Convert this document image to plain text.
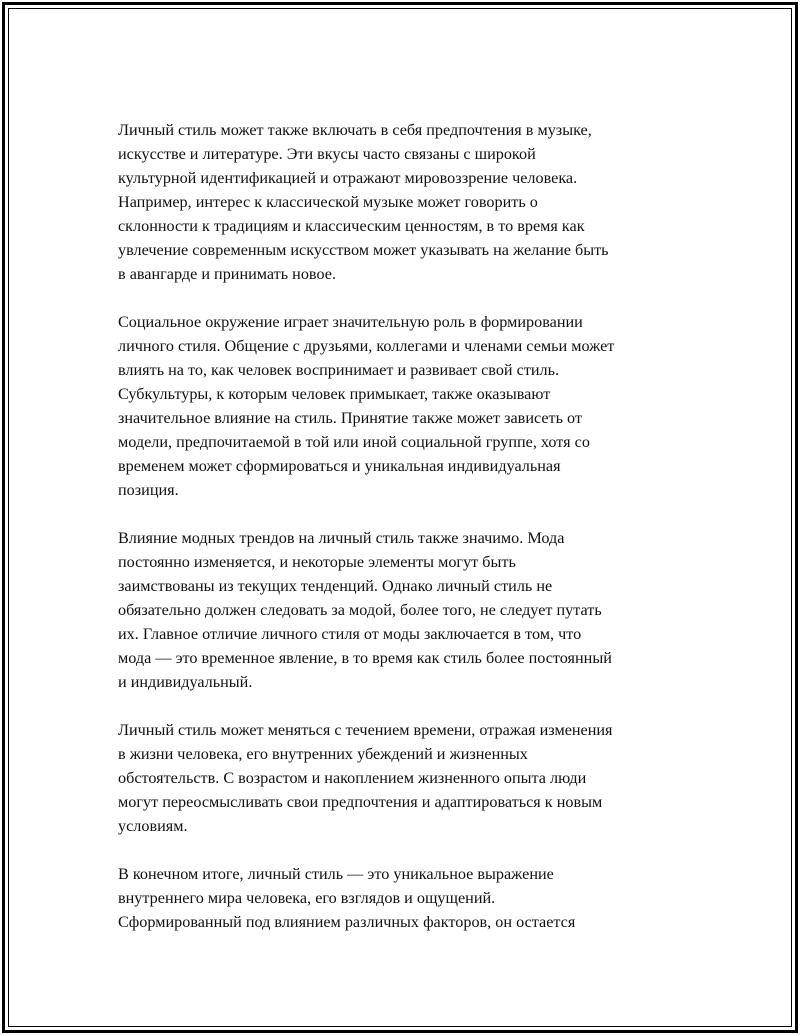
Личный стиль может также включать в себя предпочтения в музыке,
искусстве и литературе. Эти вкусы часто связаны с широкой
культурной идентификацией и отражают мировоззрение человека.
Например, интерес к классической музыке может говорить о
склонности к традициям и классическим ценностям, в то время как
увлечение современным искусством может указывать на желание быть
в авангарде и принимать новое.

Социальное окружение играет значительную роль в формировании
личного стиля. Общение с друзьями, коллегами и членами семьи может
влиять на то, как человек воспринимает и развивает свой стиль.
Субкультуры, к которым человек примыкает, также оказывают
значительное влияние на стиль. Принятие также может зависеть от
модели, предпочитаемой в той или иной социальной группе, хотя со
временем может сформироваться и уникальная индивидуальная
позиция.

Влияние модных трендов на личный стиль также значимо. Мода
постоянно изменяется, и некоторые элементы могут быть
заимствованы из текущих тенденций. Однако личный стиль не
обязательно должен следовать за модой, более того, не следует путать
их. Главное отличие личного стиля от моды заключается в том, что
мода — это временное явление, в то время как стиль более постоянный
и индивидуальный.

Личный стиль может меняться с течением времени, отражая изменения
в жизни человека, его внутренних убеждений и жизненных
обстоятельств. С возрастом и накоплением жизненного опыта люди
могут переосмысливать свои предпочтения и адаптироваться к новым
условиям.

В конечном итоге, личный стиль — это уникальное выражение
внутреннего мира человека, его взглядов и ощущений.
Сформированный под влиянием различных факторов, он остается
